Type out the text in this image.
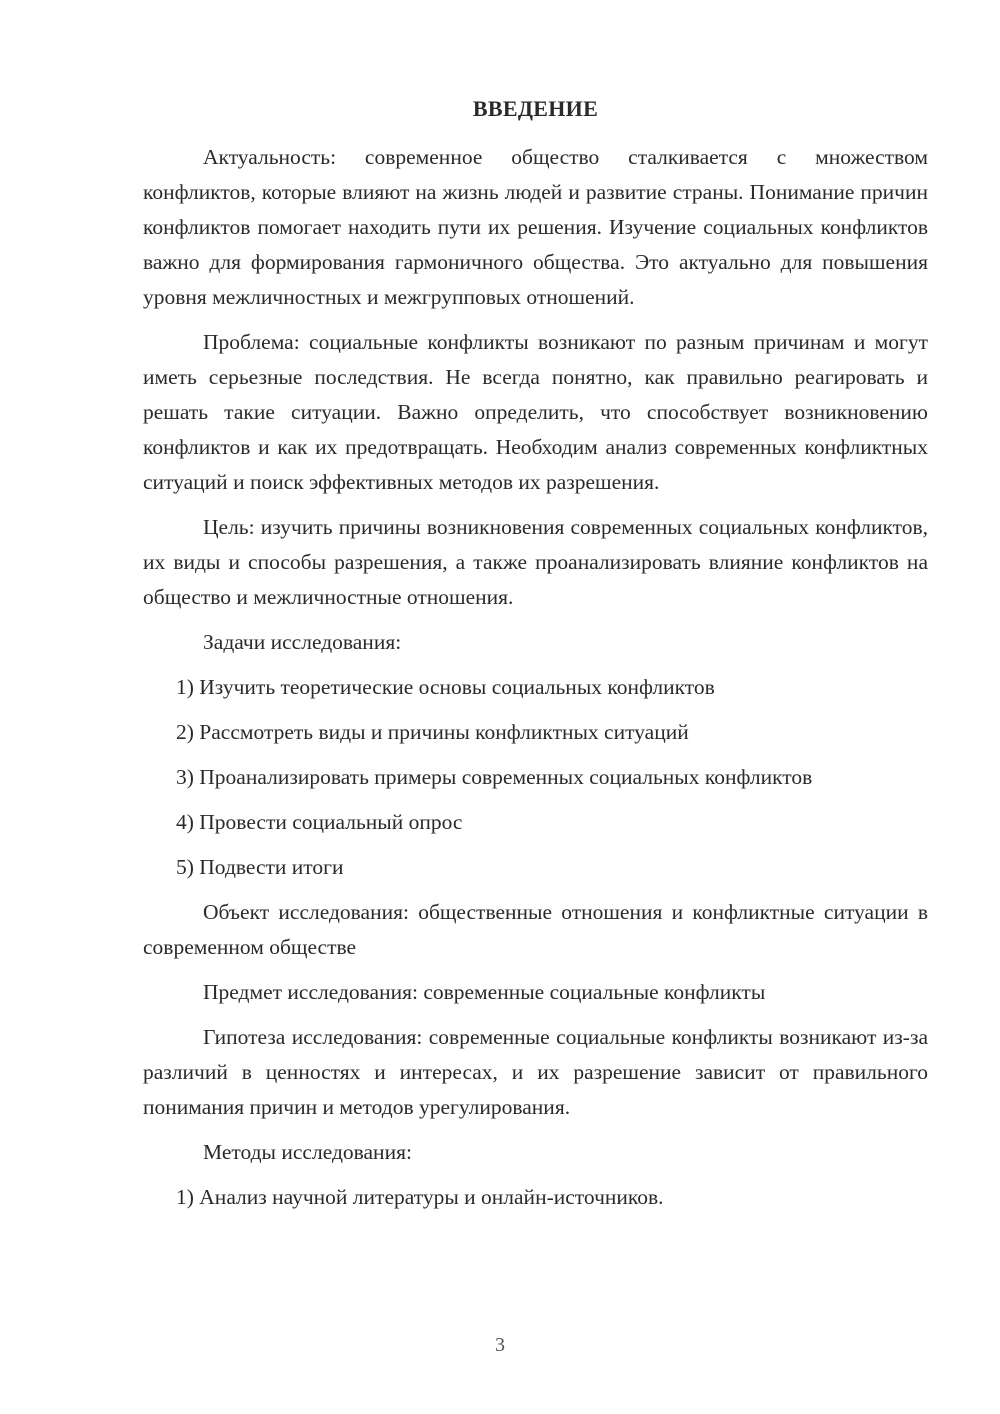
ВВЕДЕНИЕ

Актуальность: современное общество сталкивается с множеством конфликтов, которые влияют на жизнь людей и развитие страны. Понимание причин конфликтов помогает находить пути их решения. Изучение социальных конфликтов важно для формирования гармоничного общества. Это актуально для повышения уровня межличностных и межгрупповых отношений.

Проблема: социальные конфликты возникают по разным причинам и могут иметь серьезные последствия. Не всегда понятно, как правильно реагировать и решать такие ситуации. Важно определить, что способствует возникновению конфликтов и как их предотвращать. Необходим анализ современных конфликтных ситуаций и поиск эффективных методов их разрешения.

Цель: изучить причины возникновения современных социальных конфликтов, их виды и способы разрешения, а также проанализировать влияние конфликтов на общество и межличностные отношения.

Задачи исследования:

1) Изучить теоретические основы социальных конфликтов

2) Рассмотреть виды и причины конфликтных ситуаций

3) Проанализировать примеры современных социальных конфликтов

4) Провести социальный опрос

5) Подвести итоги

Объект исследования: общественные отношения и конфликтные ситуации в современном обществе

Предмет исследования: современные социальные конфликты

Гипотеза исследования: современные социальные конфликты возникают из-за различий в ценностях и интересах, и их разрешение зависит от правильного понимания причин и методов урегулирования.

Методы исследования:

1) Анализ научной литературы и онлайн-источников.

3
